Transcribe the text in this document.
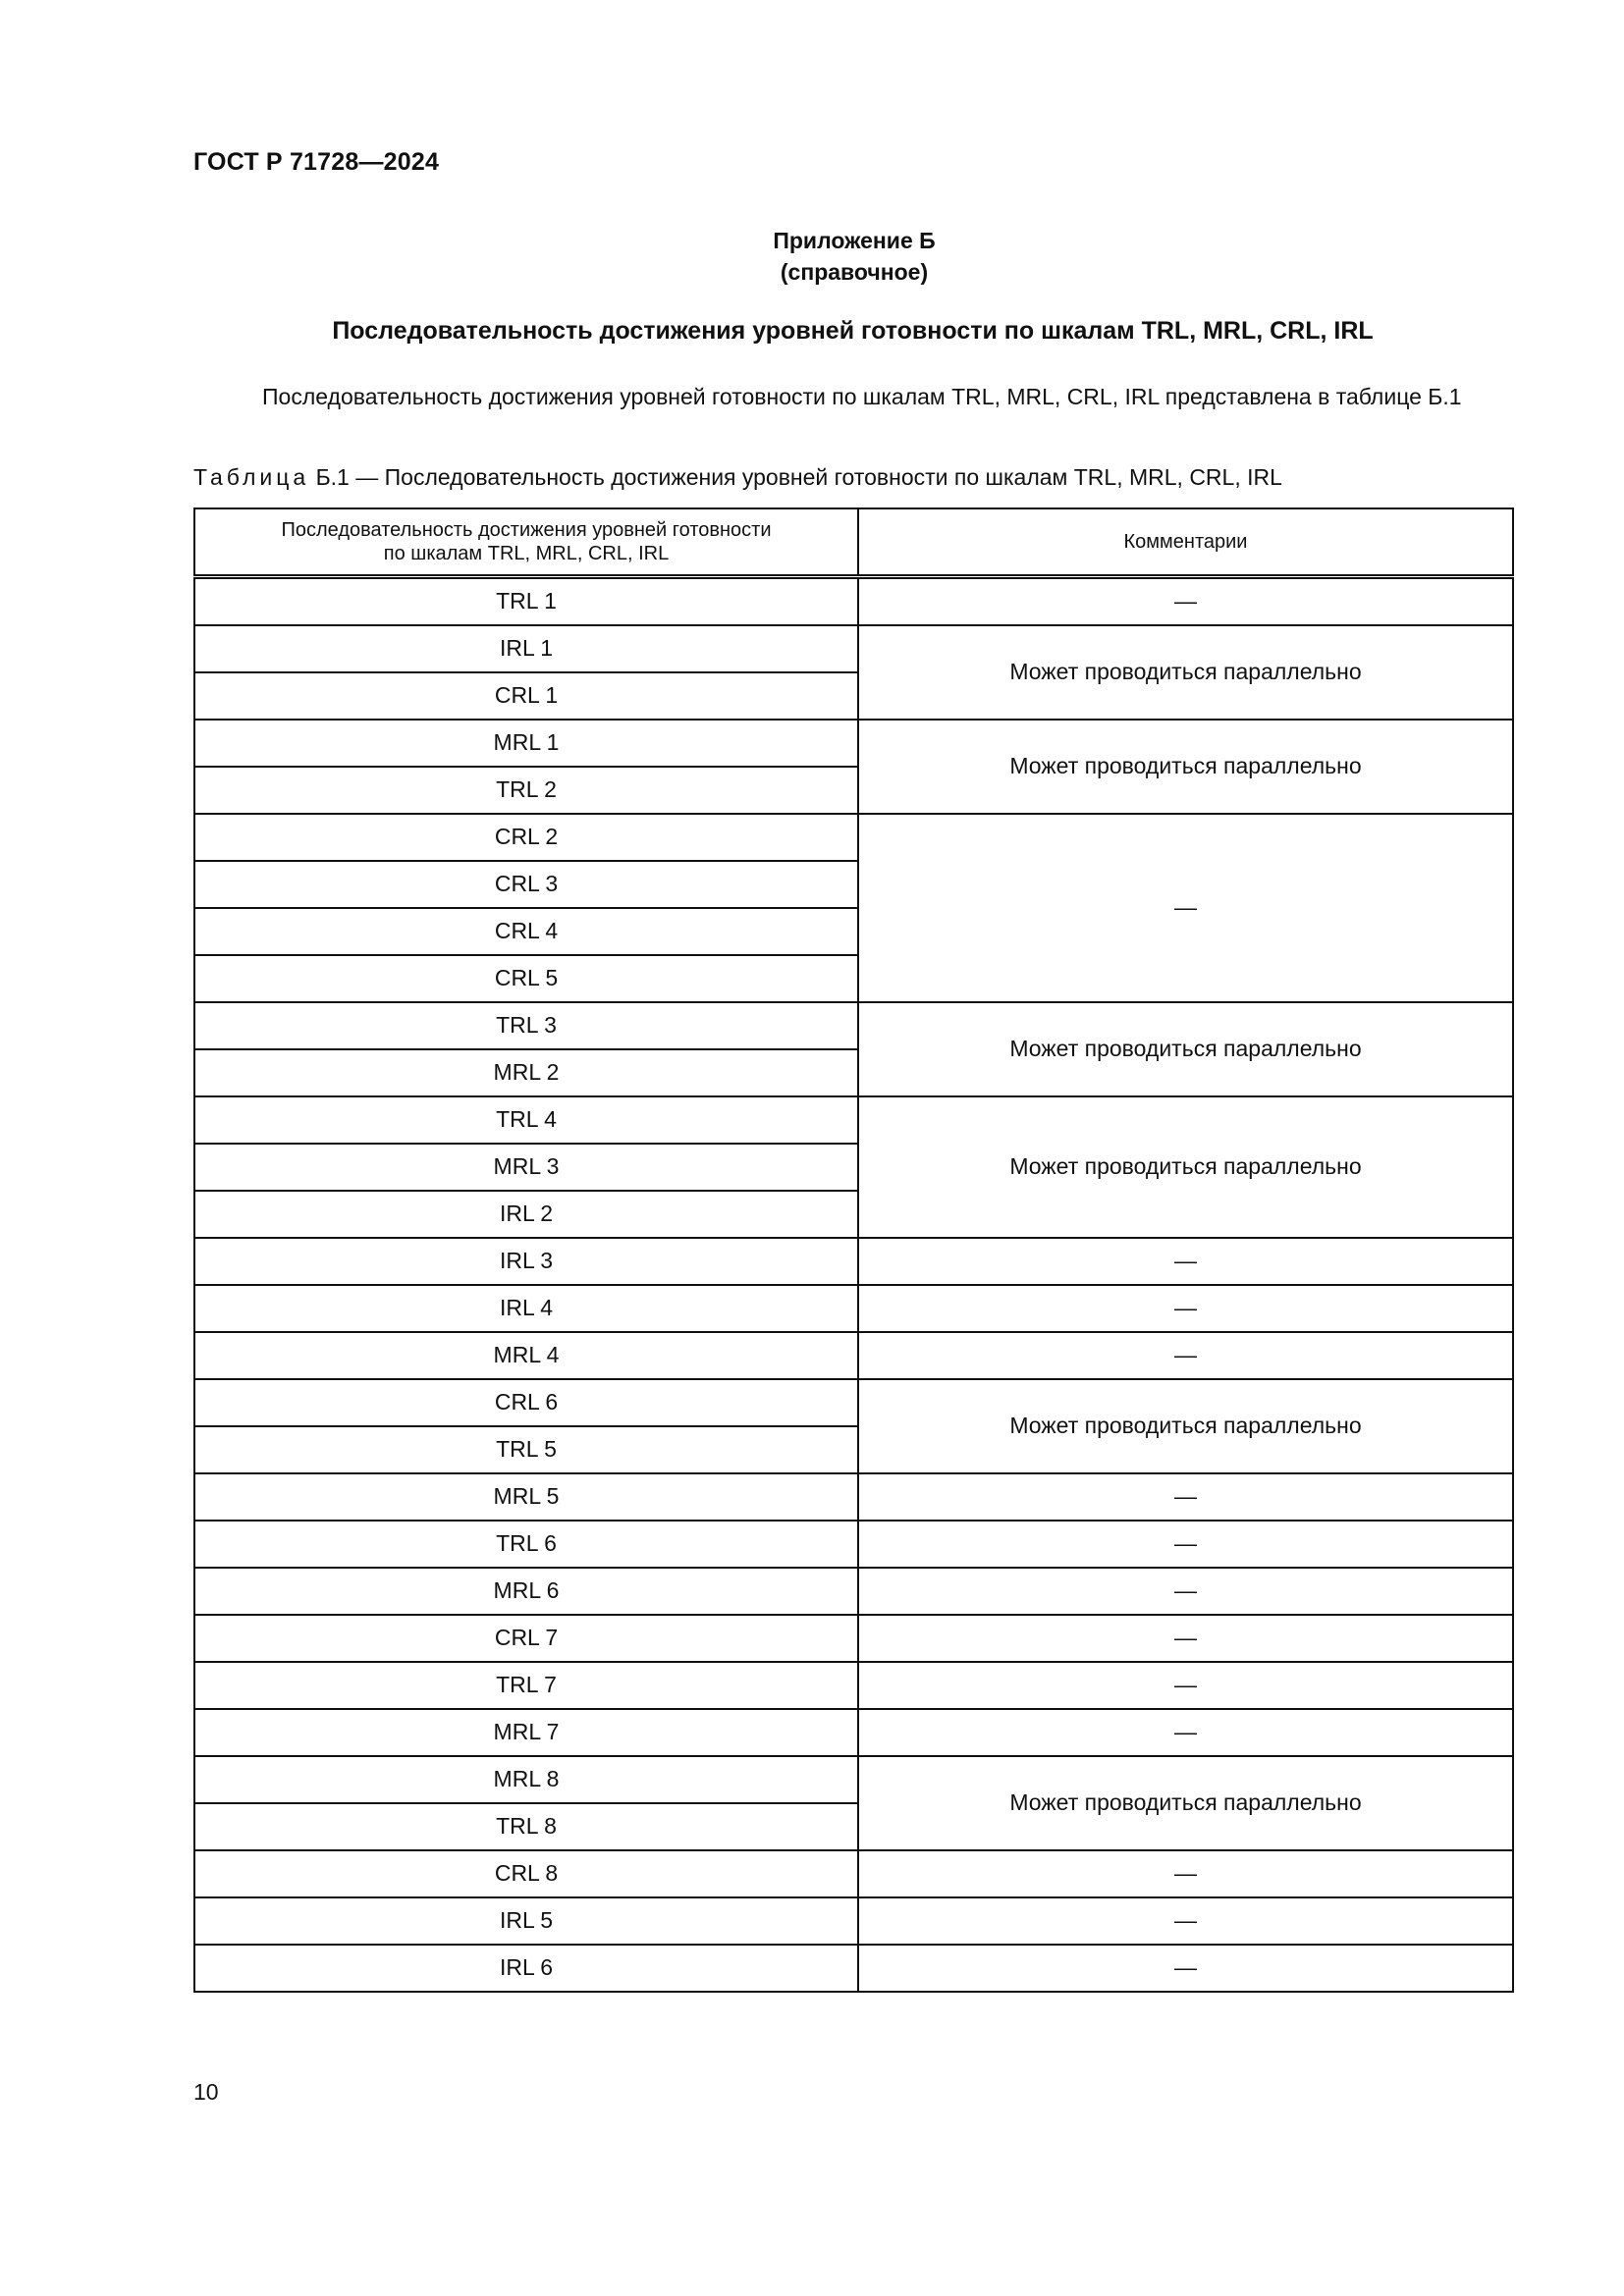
ГОСТ Р 71728—2024
Приложение Б
(справочное)
Последовательность достижения уровней готовности по шкалам TRL, MRL, CRL, IRL
Последовательность достижения уровней готовности по шкалам TRL, MRL, CRL, IRL представлена в таблице Б.1
Таблица Б.1 — Последовательность достижения уровней готовности по шкалам TRL, MRL, CRL, IRL
Последовательность достижения уровней готовности
по шкалам TRL, MRL, CRL, IRL	Комментарии
TRL 1	—
IRL 1	Может проводиться параллельно
CRL 1	
MRL 1	Может проводиться параллельно
TRL 2	
CRL 2	—
CRL 3	
CRL 4	
CRL 5	
TRL 3	Может проводиться параллельно
MRL 2	
TRL 4	Может проводиться параллельно
MRL 3	
IRL 2	
IRL 3	—
IRL 4	—
MRL 4	—
CRL 6	Может проводиться параллельно
TRL 5	
MRL 5	—
TRL 6	—
MRL 6	—
CRL 7	—
TRL 7	—
MRL 7	—
MRL 8	Может проводиться параллельно
TRL 8	
CRL 8	—
IRL 5	—
IRL 6	—
10
